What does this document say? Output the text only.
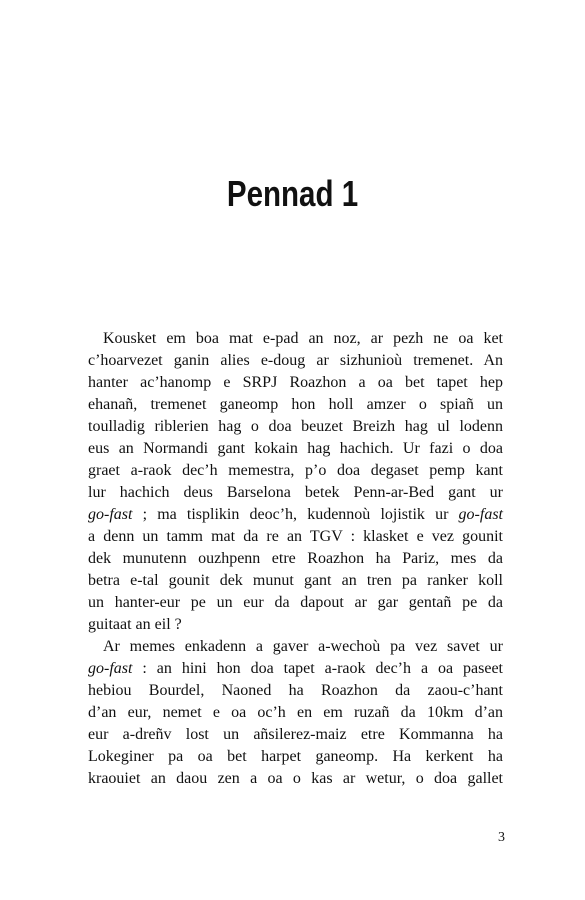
Pennad 1
Kousket em boa mat e-pad an noz, ar pezh ne oa ket
c’hoarvezet ganin alies e-doug ar sizhunioù tremenet. An
hanter ac’hanomp e SRPJ Roazhon a oa bet tapet hep
ehanañ, tremenet ganeomp hon holl amzer o spiañ un
toulladig riblerien hag o doa beuzet Breizh hag ul lodenn
eus an Normandi gant kokain hag hachich. Ur fazi o doa
graet a-raok dec’h memestra, p’o doa degaset pemp kant
lur hachich deus Barselona betek Penn-ar-Bed gant ur
go-fast ; ma tisplikin deoc’h, kudennoù lojistik ur go-fast
a denn un tamm mat da re an TGV : klasket e vez gounit
dek munutenn ouzhpenn etre Roazhon ha Pariz, mes da
betra e-tal gounit dek munut gant an tren pa ranker koll
un hanter-eur pe un eur da dapout ar gar gentañ pe da
guitaat an eil ?
Ar memes enkadenn a gaver a-wechoù pa vez savet ur
go-fast : an hini hon doa tapet a-raok dec’h a oa paseet
hebiou Bourdel, Naoned ha Roazhon da zaou-c’hant
d’an eur, nemet e oa oc’h en em ruzañ da 10km d’an
eur a-dreñv lost un añsilerez-maiz etre Kommanna ha
Lokeginer pa oa bet harpet ganeomp. Ha kerkent ha
kraouiet an daou zen a oa o kas ar wetur, o doa gallet
3
